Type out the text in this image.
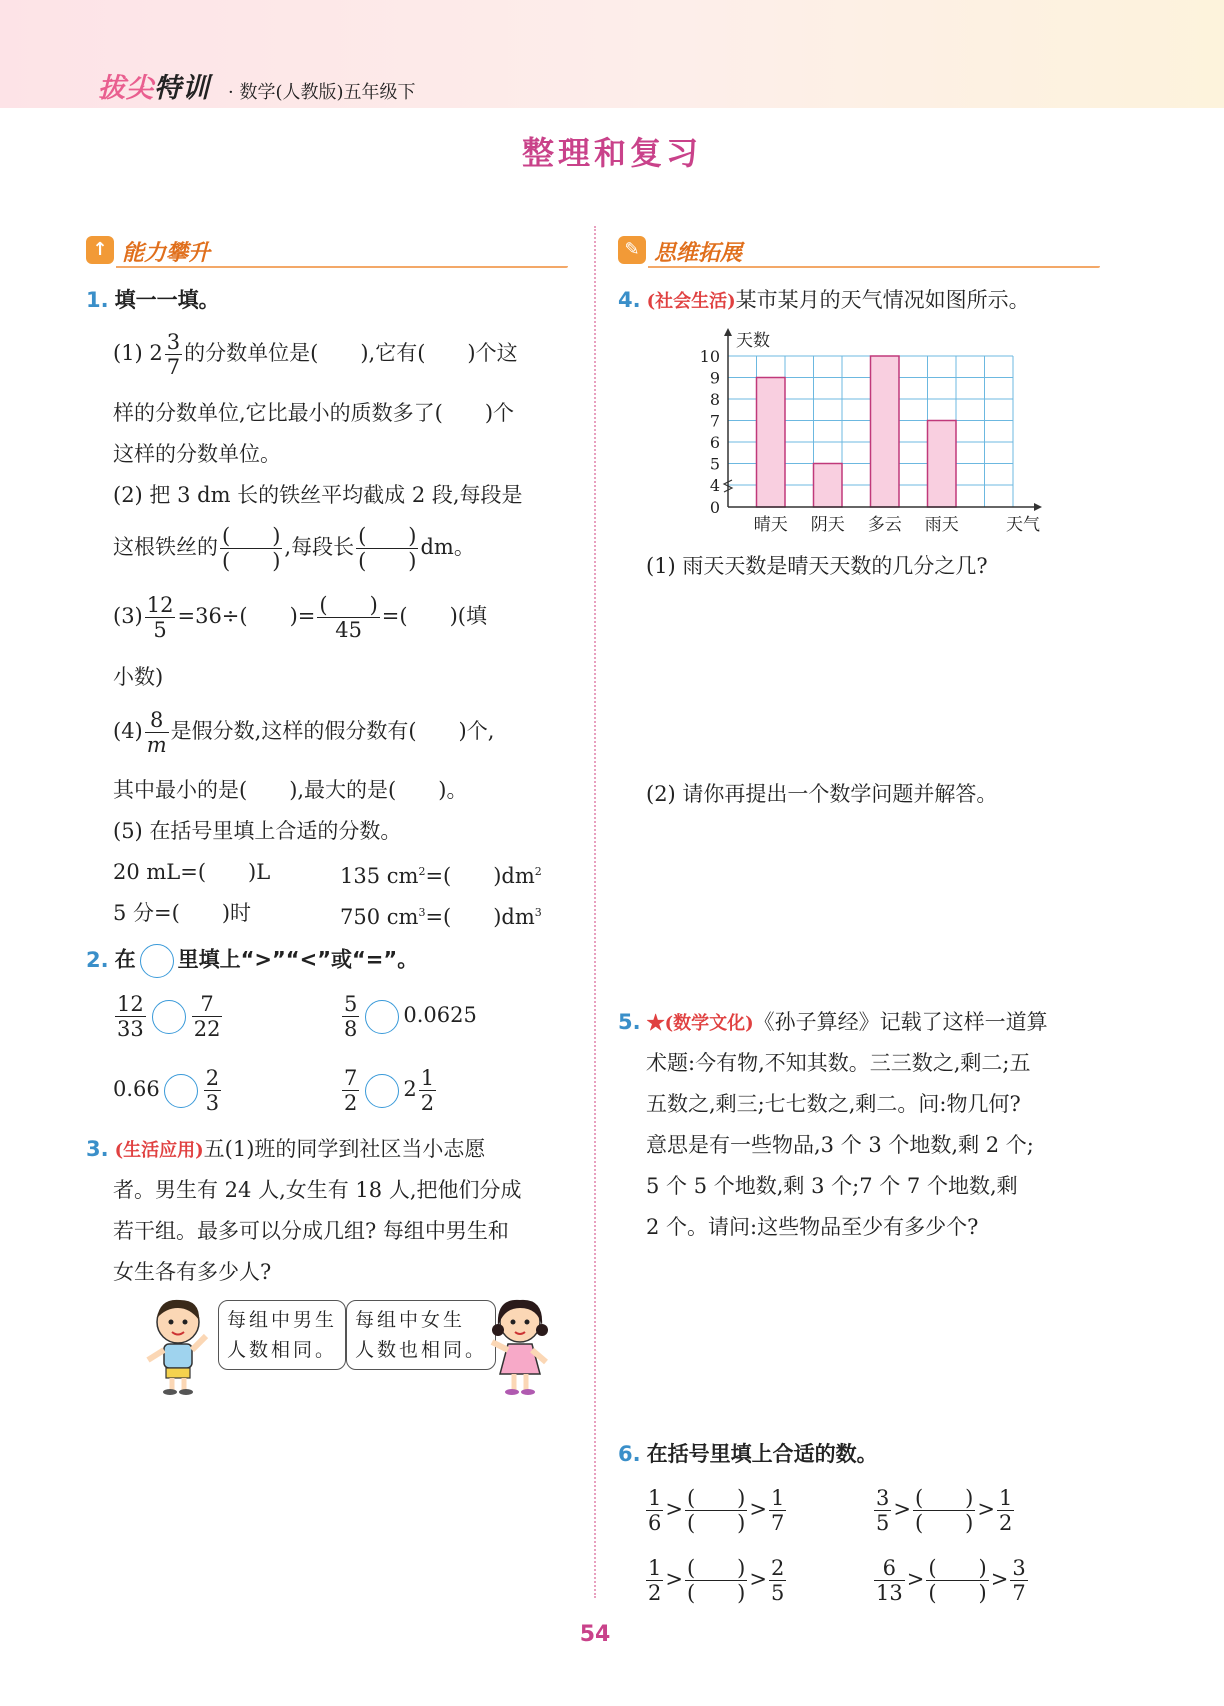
拔尖特训 · 数学(人教版)五年级下
整理和复习
↑ 能力攀升
1. 填一一填。
(1) $2 \frac{3}{7}$ 的分数单位是(　　),它有(　　)个这
样的分数单位,它比最小的质数多了(　　)个
这样的分数单位。
(2) 把 3 dm 长的铁丝平均截成 2 段,每段是
这根铁丝的 $\frac{( )}{( )}$ ,每段长 $\frac{( )}{( )}$ dm。
$(3) \frac{12}{5} =36\div$(　　)= $\frac{( )}{45}$ =(　　)(填
小数)
$(4) \frac{8}{m}$ 是假分数,这样的假分数有(　　)个,
其中最小的是(　　),最大的是(　　)。
(5) 在括号里填上合适的分数。
20 mL=(　　)L	135 $cm^2=$(　　)$dm^2$
5 分=(　　)时	750 $cm^3=$(　　)$dm^3$
2. 在 里填上“>”“<”或“=”。
$\frac{12}{33} \frac{7}{22}$	$\frac{5}{8} 0.0625$
$0.66 \frac{2}{3}$	$\frac{7}{2} 2 \frac{1}{2}$
3. (生活应用)五(1)班的同学到社区当小志愿
者。男生有 24 人,女生有 18 人,把他们分成
若干组。最多可以分成几组? 每组中男生和
女生各有多少人?
每组中男生
人数相同。
每组中女生
人数也相同。
✎ 思维拓展
4. (社会生活)某市某月的天气情况如图所示。
0
4
5
6
7
8
9
10
晴天 阴天 多云 雨天
天数
天气
(1) 雨天天数是晴天天数的几分之几?
(2) 请你再提出一个数学问题并解答。
5. ★(数学文化)《孙子算经》记载了这样一道算
术题:今有物,不知其数。三三数之,剩二;五
五数之,剩三;七七数之,剩二。问:物几何?
意思是有一些物品,3 个 3 个地数,剩 2 个;
5 个 5 个地数,剩 3 个;7 个 7 个地数,剩
2 个。请问:这些物品至少有多少个?
6. 在括号里填上合适的数。
$\frac{1}{6} > \frac{( )}{( )} > \frac{1}{7}$	$\frac{3}{5} > \frac{( )}{( )} > \frac{1}{2}$
$\frac{1}{2} > \frac{( )}{( )} > \frac{2}{5}$	$\frac{6}{13} > \frac{( )}{( )} > \frac{3}{7}$
54
